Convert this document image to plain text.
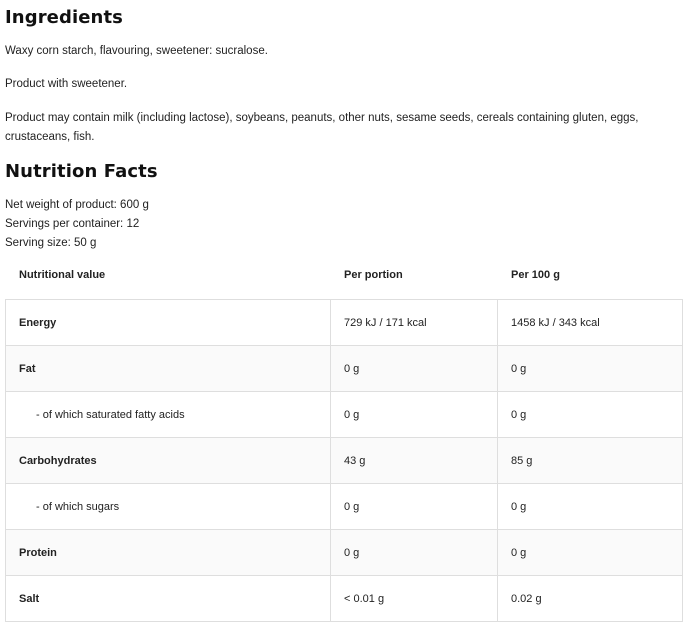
Ingredients

Waxy corn starch, flavouring, sweetener: sucralose.

Product with sweetener.

Product may contain milk (including lactose), soybeans, peanuts, other nuts, sesame seeds, cereals containing gluten, eggs, crustaceans, fish.

Nutrition Facts
Net weight of product: 600 g
Servings per container: 12
Serving size: 50 g
Nutritional value	Per portion	Per 100 g
Energy	729 kJ / 171 kcal	1458 kJ / 343 kcal
Fat	0 g	0 g
- of which saturated fatty acids	0 g	0 g
Carbohydrates	43 g	85 g
- of which sugars	0 g	0 g
Protein	0 g	0 g
Salt	< 0.01 g	0.02 g
